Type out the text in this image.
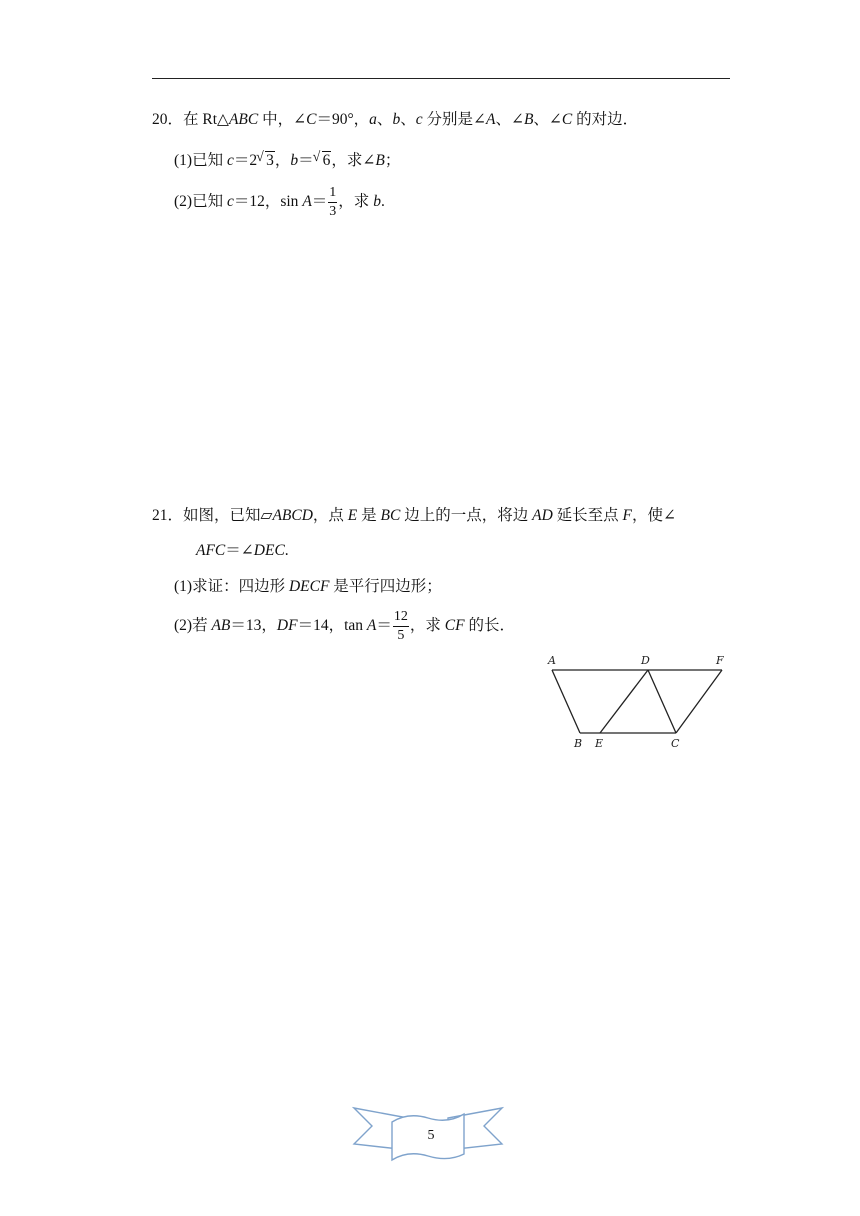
20．在 Rt△ABC 中，∠C＝90°，a、b、c 分别是∠A、∠B、∠C 的对边．
(1)已知 c＝2 √ 3，b＝ √ 6，求∠B；
(2)已知 c＝12，$\sin A= \frac{1}{3}$ ，求 b.
21．如图，已知▱ABCD，点 E 是 BC 边上的一点，将边 AD 延长至点 F，使∠
AFC＝∠DEC.
(1)求证：四边形 DECF 是平行四边形；
(2)若 AB＝13，DF＝14，$\tan A= \frac{12}{5}$ ，求 CF 的长．
A	D	F
B E	C
5
